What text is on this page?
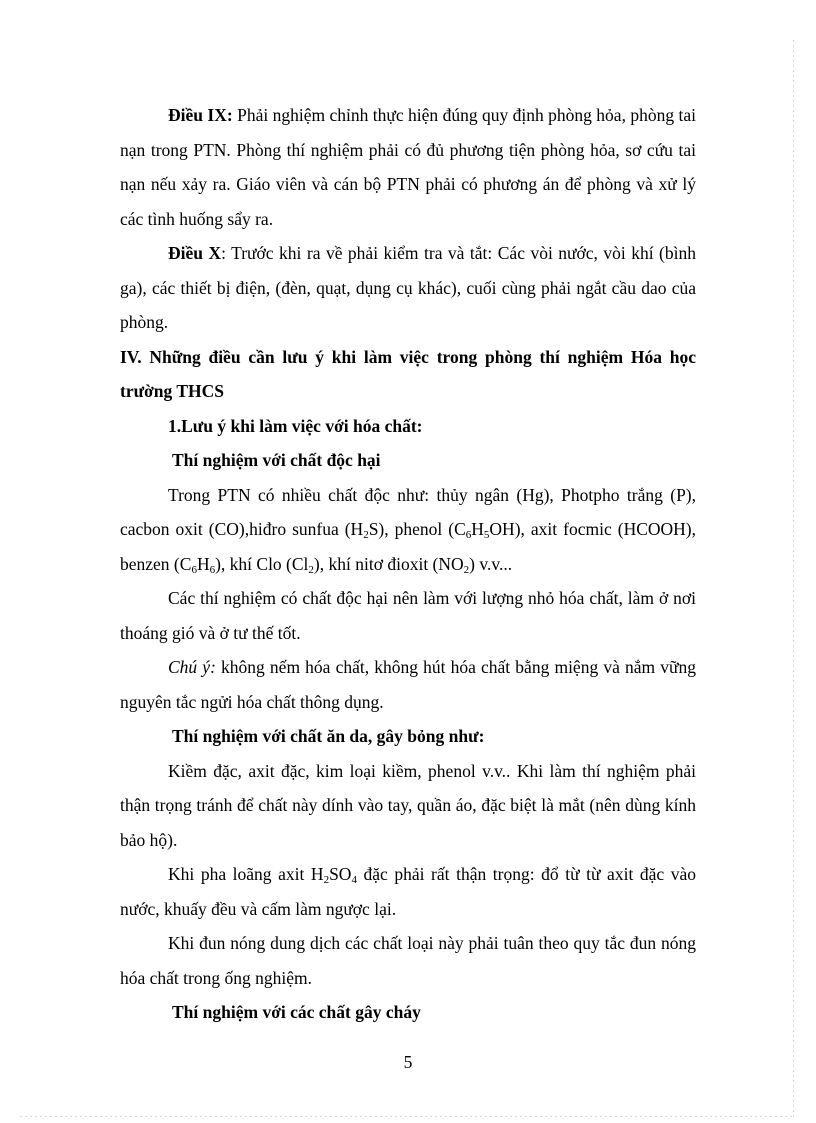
Điều IX: Phải nghiệm chỉnh thực hiện đúng quy định phòng hỏa, phòng tai nạn trong PTN. Phòng thí nghiệm phải có đủ phương tiện phòng hỏa, sơ cứu tai nạn nếu xảy ra. Giáo viên và cán bộ PTN phải có phương án để phòng và xử lý các tình huống sẩy ra.

Điều X: Trước khi ra về phải kiểm tra và tắt: Các vòi nước, vòi khí (bình ga), các thiết bị điện, (đèn, quạt, dụng cụ khác), cuối cùng phải ngắt cầu dao của phòng.

IV. Những điều cần lưu ý khi làm việc trong phòng thí nghiệm Hóa học trường THCS

1.Lưu ý khi làm việc với hóa chất:

Thí nghiệm với chất độc hại

Trong PTN có nhiều chất độc như: thủy ngân (Hg), Photpho trắng (P), cacbon oxit (CO),hiđro sunfua $(H_2S)$, phenol $(C_6H_5OH)$, axit focmic (HCOOH), benzen $(C_6H_6)$, khí Clo $(Cl_2)$, khí nitơ đioxit $(NO_2)$ v.v...

Các thí nghiệm có chất độc hại nên làm với lượng nhỏ hóa chất, làm ở nơi thoáng gió và ở tư thế tốt.

Chú ý: không nếm hóa chất, không hút hóa chất bằng miệng và nắm vững nguyên tắc ngửi hóa chất thông dụng.

Thí nghiệm với chất ăn da, gây bỏng như:

Kiềm đặc, axit đặc, kim loại kiềm, phenol v.v.. Khi làm thí nghiệm phải thận trọng tránh để chất này dính vào tay, quần áo, đặc biệt là mắt (nên dùng kính bảo hộ).

Khi pha loãng axit $H_2SO_4$ đặc phải rất thận trọng: đổ từ từ axit đặc vào nước, khuấy đều và cấm làm ngược lại.

Khi đun nóng dung dịch các chất loại này phải tuân theo quy tắc đun nóng hóa chất trong ống nghiệm.

Thí nghiệm với các chất gây cháy

5
